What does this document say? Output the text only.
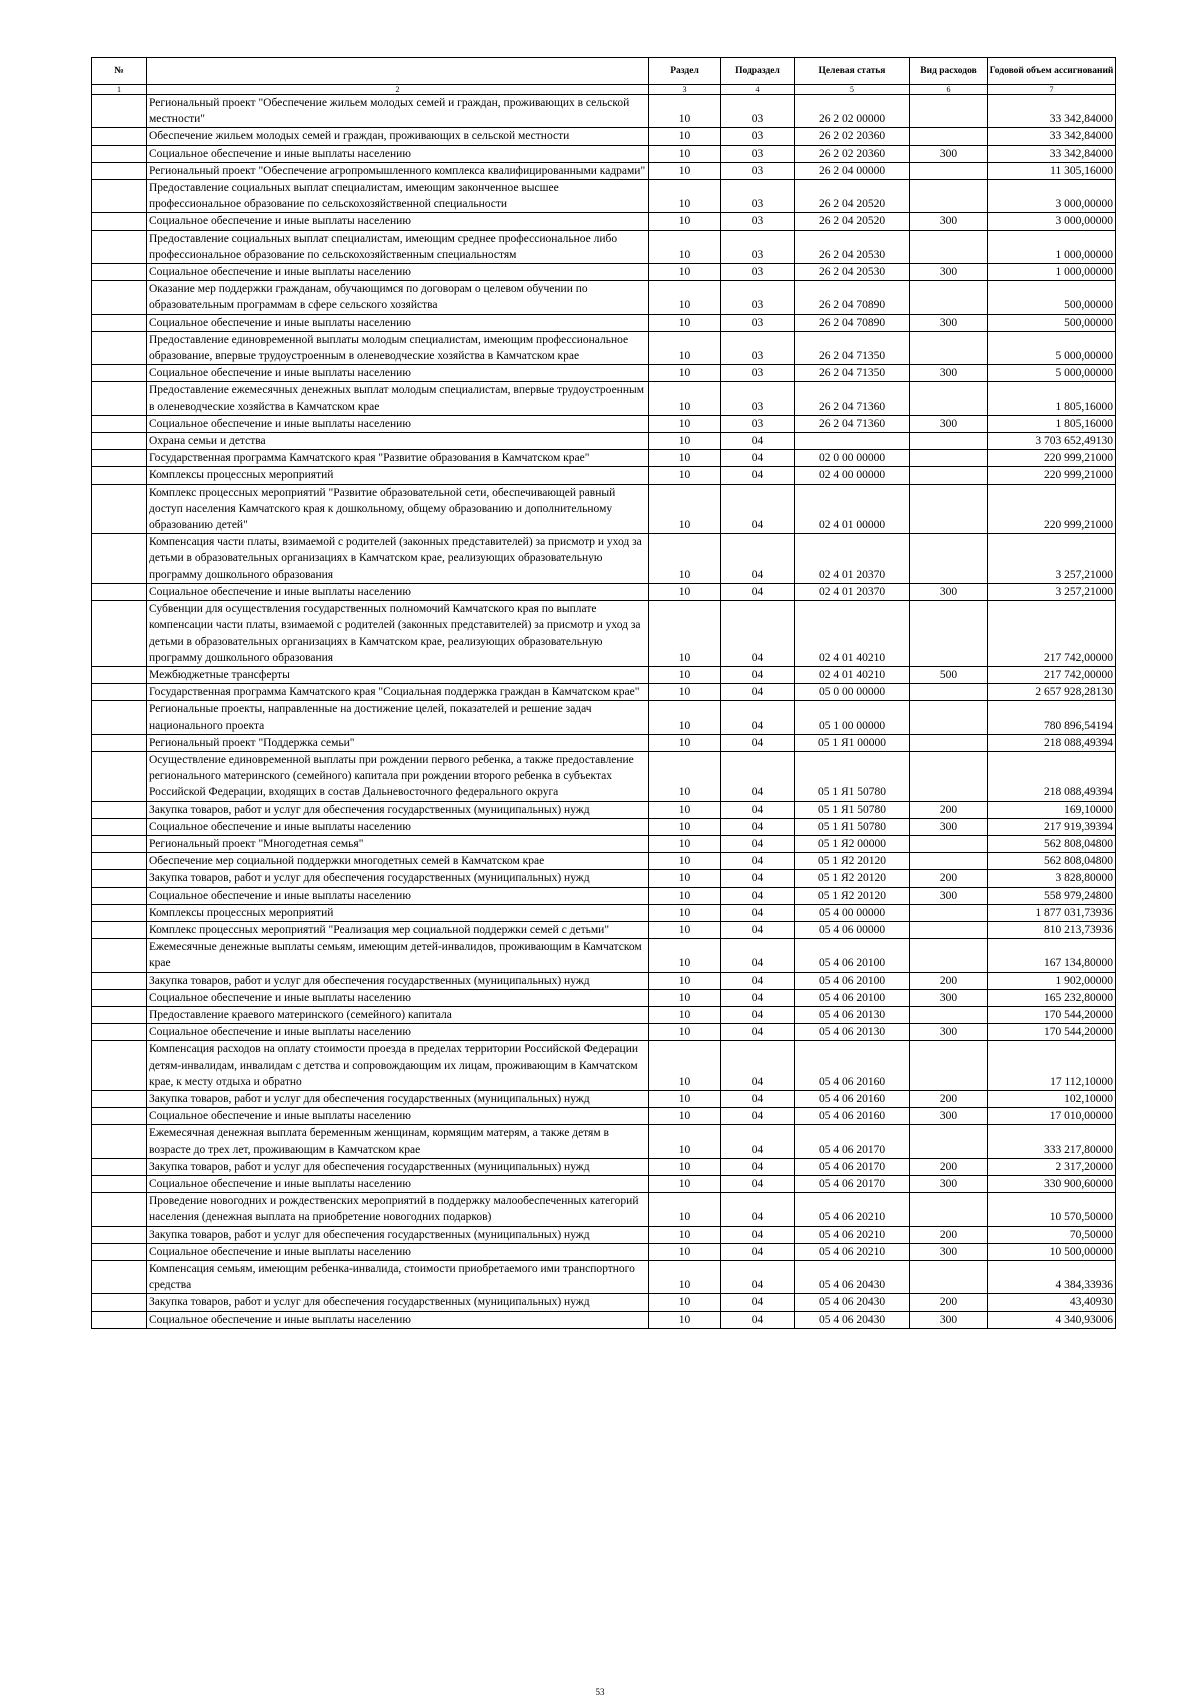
№		Раздел	Подраздел	Целевая статья	Вид расходов	Годовой объем ассигнований
1	2	3	4	5	6	7
	Региональный проект "Обеспечение жильем молодых семей и граждан, проживающих в сельской местности"	10	03	26 2 02 00000		33 342,84000
	Обеспечение жильем молодых семей и граждан, проживающих в сельской местности	10	03	26 2 02 20360		33 342,84000
	Социальное обеспечение и иные выплаты населению	10	03	26 2 02 20360	300	33 342,84000
	Региональный проект "Обеспечение агропромышленного комплекса квалифицированными кадрами"	10	03	26 2 04 00000		11 305,16000
	Предоставление социальных выплат специалистам, имеющим законченное высшее профессиональное образование по сельскохозяйственной специальности	10	03	26 2 04 20520		3 000,00000
	Социальное обеспечение и иные выплаты населению	10	03	26 2 04 20520	300	3 000,00000
	Предоставление социальных выплат специалистам, имеющим среднее профессиональное либо профессиональное образование по сельскохозяйственным специальностям	10	03	26 2 04 20530		1 000,00000
	Социальное обеспечение и иные выплаты населению	10	03	26 2 04 20530	300	1 000,00000
	Оказание мер поддержки гражданам, обучающимся по договорам о целевом обучении по образовательным программам в сфере сельского хозяйства	10	03	26 2 04 70890		500,00000
	Социальное обеспечение и иные выплаты населению	10	03	26 2 04 70890	300	500,00000
	Предоставление единовременной выплаты молодым специалистам, имеющим профессиональное образование, впервые трудоустроенным в оленеводческие хозяйства в Камчатском крае	10	03	26 2 04 71350		5 000,00000
	Социальное обеспечение и иные выплаты населению	10	03	26 2 04 71350	300	5 000,00000
	Предоставление ежемесячных денежных выплат молодым специалистам, впервые трудоустроенным в оленеводческие хозяйства в Камчатском крае	10	03	26 2 04 71360		1 805,16000
	Социальное обеспечение и иные выплаты населению	10	03	26 2 04 71360	300	1 805,16000
	Охрана семьи и детства	10	04			3 703 652,49130
	Государственная программа Камчатского края "Развитие образования в Камчатском крае"	10	04	02 0 00 00000		220 999,21000
	Комплексы процессных мероприятий	10	04	02 4 00 00000		220 999,21000
	Комплекс процессных мероприятий "Развитие образовательной сети, обеспечивающей равный доступ населения Камчатского края к дошкольному, общему образованию и дополнительному образованию детей"	10	04	02 4 01 00000		220 999,21000
	Компенсация части платы, взимаемой с родителей (законных представителей) за присмотр и уход за детьми в образовательных организациях в Камчатском крае, реализующих образовательную программу дошкольного образования	10	04	02 4 01 20370		3 257,21000
	Социальное обеспечение и иные выплаты населению	10	04	02 4 01 20370	300	3 257,21000
	Субвенции для осуществления государственных полномочий Камчатского края по выплате компенсации части платы, взимаемой с родителей (законных представителей) за присмотр и уход за детьми в образовательных организациях в Камчатском крае, реализующих образовательную программу дошкольного образования	10	04	02 4 01 40210		217 742,00000
	Межбюджетные трансферты	10	04	02 4 01 40210	500	217 742,00000
	Государственная программа Камчатского края "Социальная поддержка граждан в Камчатском крае"	10	04	05 0 00 00000		2 657 928,28130
	Региональные проекты, направленные на достижение целей, показателей и решение задач национального проекта	10	04	05 1 00 00000		780 896,54194
	Региональный проект "Поддержка семьи"	10	04	05 1 Я1 00000		218 088,49394
	Осуществление единовременной выплаты при рождении первого ребенка, а также предоставление регионального материнского (семейного) капитала при рождении второго ребенка в субъектах Российской Федерации, входящих в состав Дальневосточного федерального округа	10	04	05 1 Я1 50780		218 088,49394
	Закупка товаров, работ и услуг для обеспечения государственных (муниципальных) нужд	10	04	05 1 Я1 50780	200	169,10000
	Социальное обеспечение и иные выплаты населению	10	04	05 1 Я1 50780	300	217 919,39394
	Региональный проект "Многодетная семья"	10	04	05 1 Я2 00000		562 808,04800
	Обеспечение мер социальной поддержки многодетных семей в Камчатском крае	10	04	05 1 Я2 20120		562 808,04800
	Закупка товаров, работ и услуг для обеспечения государственных (муниципальных) нужд	10	04	05 1 Я2 20120	200	3 828,80000
	Социальное обеспечение и иные выплаты населению	10	04	05 1 Я2 20120	300	558 979,24800
	Комплексы процессных мероприятий	10	04	05 4 00 00000		1 877 031,73936
	Комплекс процессных мероприятий "Реализация мер социальной поддержки семей с детьми"	10	04	05 4 06 00000		810 213,73936
	Ежемесячные денежные выплаты семьям, имеющим детей-инвалидов, проживающим в Камчатском крае	10	04	05 4 06 20100		167 134,80000
	Закупка товаров, работ и услуг для обеспечения государственных (муниципальных) нужд	10	04	05 4 06 20100	200	1 902,00000
	Социальное обеспечение и иные выплаты населению	10	04	05 4 06 20100	300	165 232,80000
	Предоставление краевого материнского (семейного) капитала	10	04	05 4 06 20130		170 544,20000
	Социальное обеспечение и иные выплаты населению	10	04	05 4 06 20130	300	170 544,20000
	Компенсация расходов на оплату стоимости проезда в пределах территории Российской Федерации детям-инвалидам, инвалидам с детства и сопровождающим их лицам, проживающим в Камчатском крае, к месту отдыха и обратно	10	04	05 4 06 20160		17 112,10000
	Закупка товаров, работ и услуг для обеспечения государственных (муниципальных) нужд	10	04	05 4 06 20160	200	102,10000
	Социальное обеспечение и иные выплаты населению	10	04	05 4 06 20160	300	17 010,00000
	Ежемесячная денежная выплата беременным женщинам, кормящим матерям, а также детям в возрасте до трех лет, проживающим в Камчатском крае	10	04	05 4 06 20170		333 217,80000
	Закупка товаров, работ и услуг для обеспечения государственных (муниципальных) нужд	10	04	05 4 06 20170	200	2 317,20000
	Социальное обеспечение и иные выплаты населению	10	04	05 4 06 20170	300	330 900,60000
	Проведение новогодних и рождественских мероприятий в поддержку малообеспеченных категорий населения (денежная выплата на приобретение новогодних подарков)	10	04	05 4 06 20210		10 570,50000
	Закупка товаров, работ и услуг для обеспечения государственных (муниципальных) нужд	10	04	05 4 06 20210	200	70,50000
	Социальное обеспечение и иные выплаты населению	10	04	05 4 06 20210	300	10 500,00000
	Компенсация семьям, имеющим ребенка-инвалида, стоимости приобретаемого ими транспортного средства	10	04	05 4 06 20430		4 384,33936
	Закупка товаров, работ и услуг для обеспечения государственных (муниципальных) нужд	10	04	05 4 06 20430	200	43,40930
	Социальное обеспечение и иные выплаты населению	10	04	05 4 06 20430	300	4 340,93006
53
